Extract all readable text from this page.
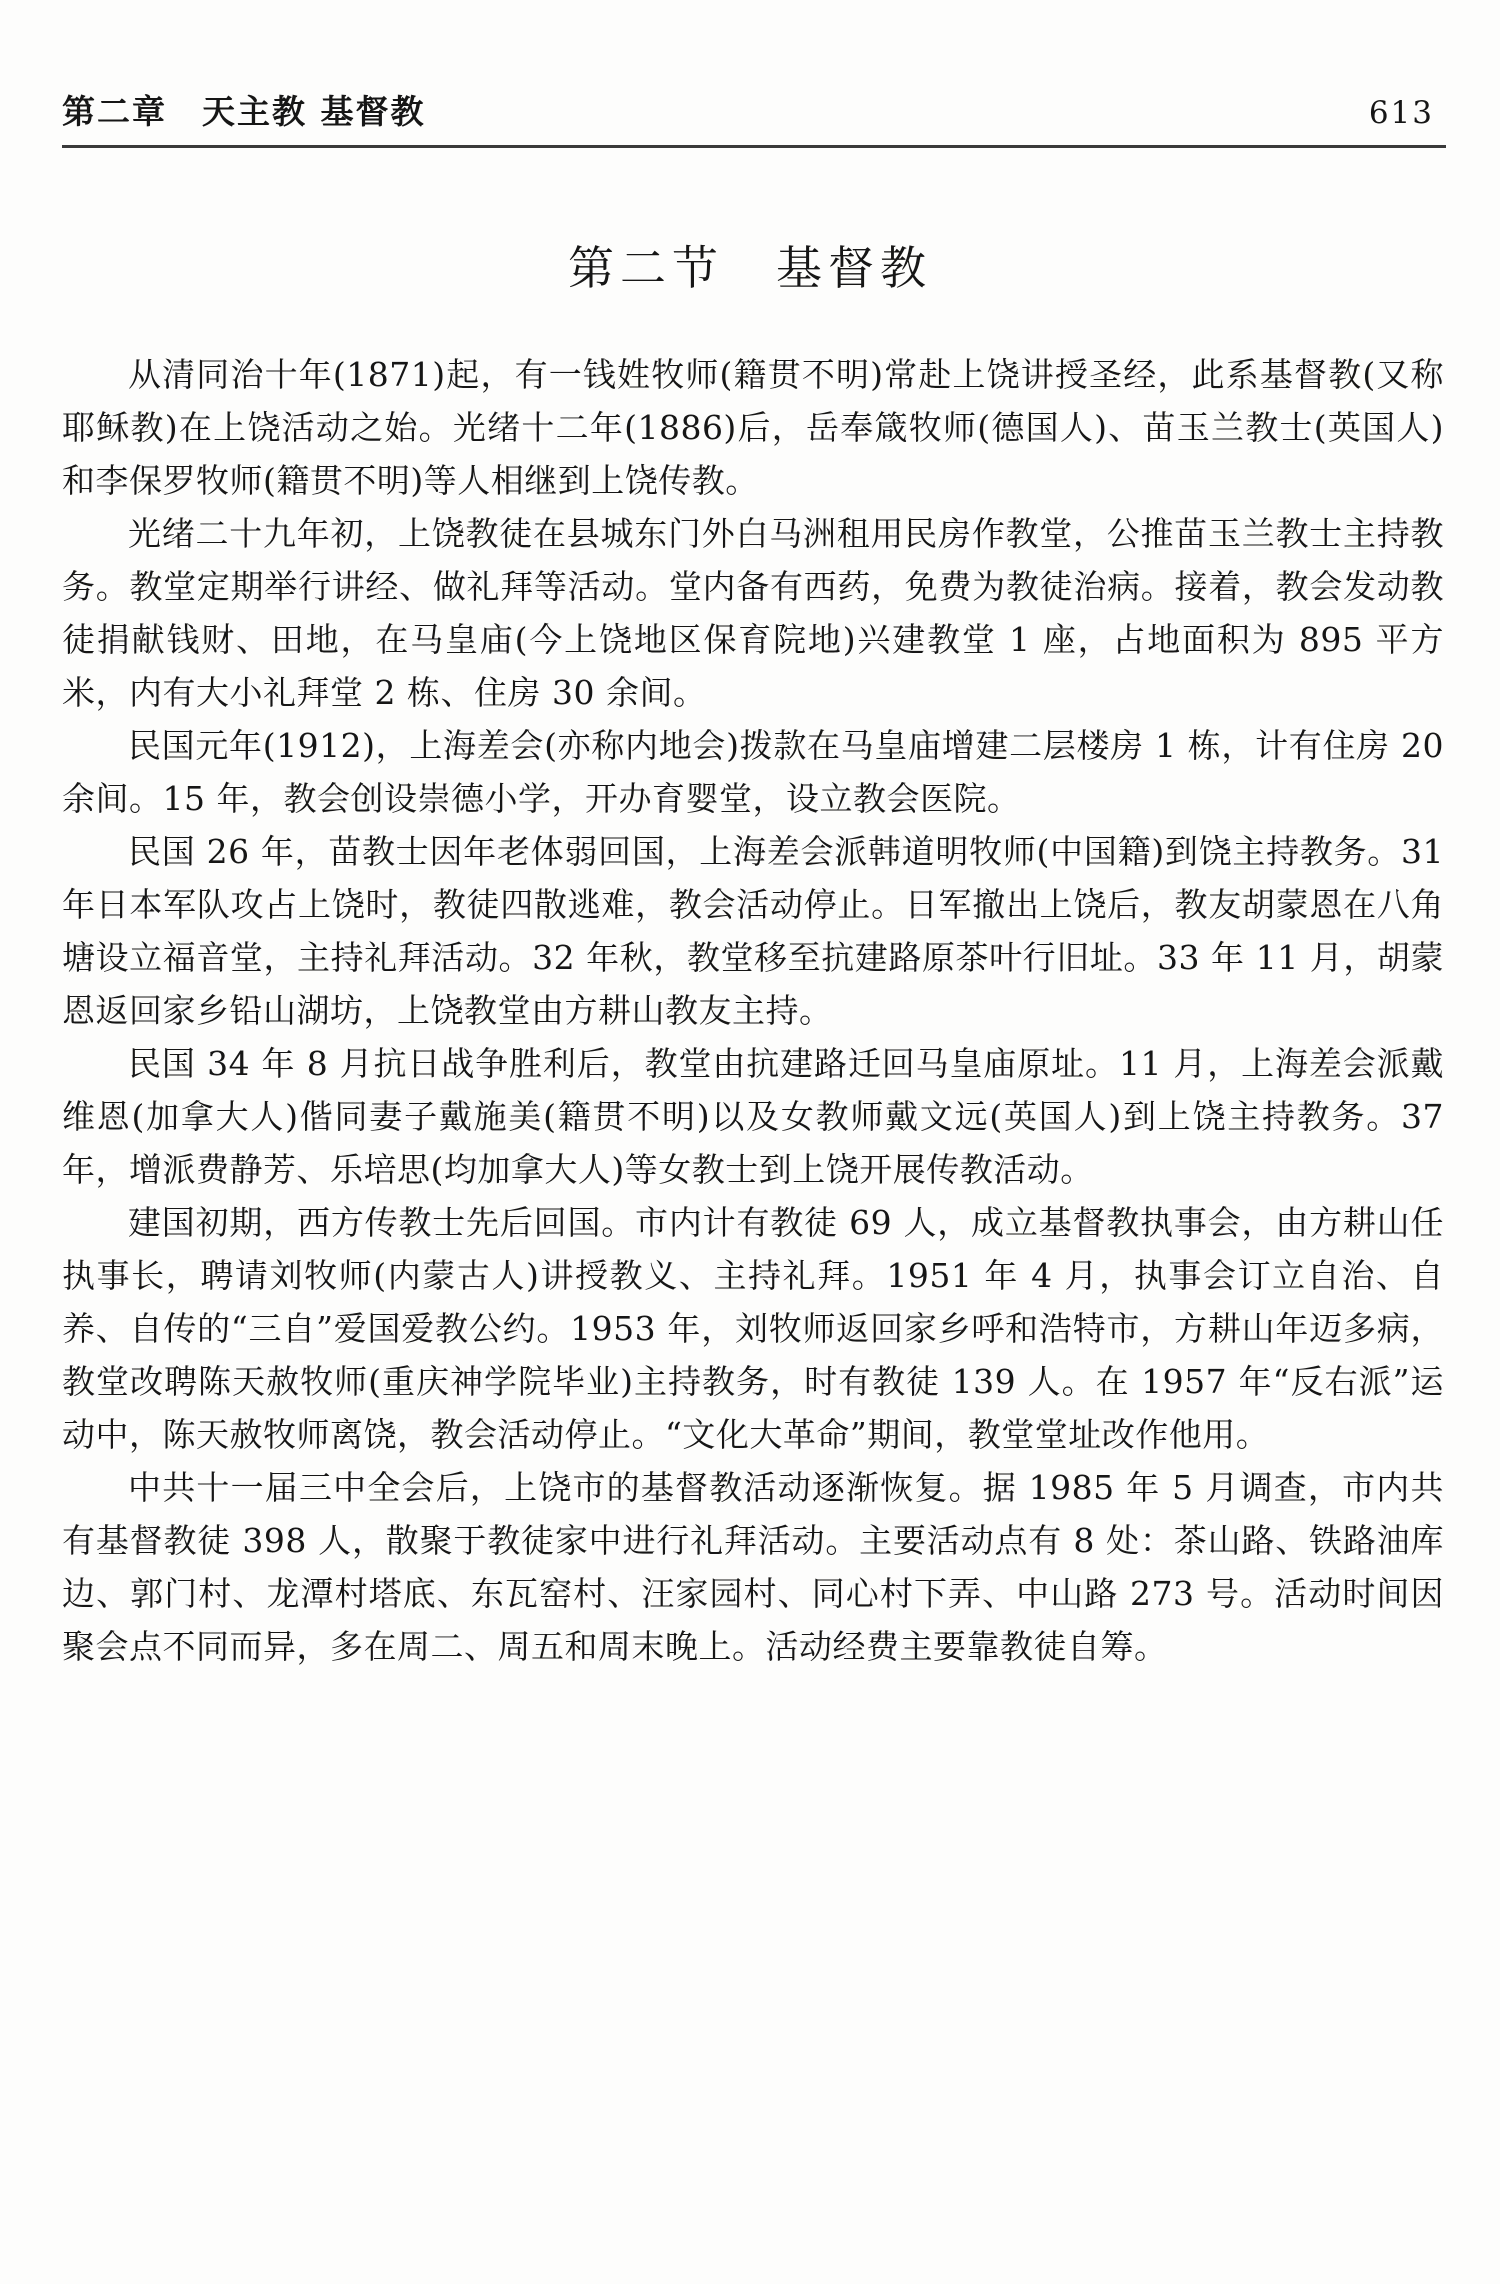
第二章　天主教 基督教	613
第二节　基督教

从清同治十年(1871)起，有一钱姓牧师(籍贯不明)常赴上饶讲授圣经，此系基督教(又称耶稣教)在上饶活动之始。光绪十二年(1886)后，岳奉箴牧师(德国人)、苗玉兰教士(英国人)和李保罗牧师(籍贯不明)等人相继到上饶传教。

光绪二十九年初，上饶教徒在县城东门外白马洲租用民房作教堂，公推苗玉兰教士主持教务。教堂定期举行讲经、做礼拜等活动。堂内备有西药，免费为教徒治病。接着，教会发动教徒捐献钱财、田地，在马皇庙(今上饶地区保育院地)兴建教堂 1 座，占地面积为 895 平方米，内有大小礼拜堂 2 栋、住房 30 余间。

民国元年(1912)，上海差会(亦称内地会)拨款在马皇庙增建二层楼房 1 栋，计有住房 20 余间。15 年，教会创设崇德小学，开办育婴堂，设立教会医院。

民国 26 年，苗教士因年老体弱回国，上海差会派韩道明牧师(中国籍)到饶主持教务。31 年日本军队攻占上饶时，教徒四散逃难，教会活动停止。日军撤出上饶后，教友胡蒙恩在八角塘设立福音堂，主持礼拜活动。32 年秋，教堂移至抗建路原茶叶行旧址。33 年 11 月，胡蒙恩返回家乡铅山湖坊，上饶教堂由方耕山教友主持。

民国 34 年 8 月抗日战争胜利后，教堂由抗建路迁回马皇庙原址。11 月，上海差会派戴维恩(加拿大人)偕同妻子戴施美(籍贯不明)以及女教师戴文远(英国人)到上饶主持教务。37 年，增派费静芳、乐培思(均加拿大人)等女教士到上饶开展传教活动。

建国初期，西方传教士先后回国。市内计有教徒 69 人，成立基督教执事会，由方耕山任执事长，聘请刘牧师(内蒙古人)讲授教义、主持礼拜。1951 年 4 月，执事会订立自治、自养、自传的“三自”爱国爱教公约。1953 年，刘牧师返回家乡呼和浩特市，方耕山年迈多病，教堂改聘陈天赦牧师(重庆神学院毕业)主持教务，时有教徒 139 人。在 1957 年“反右派”运动中，陈天赦牧师离饶，教会活动停止。“文化大革命”期间，教堂堂址改作他用。

中共十一届三中全会后，上饶市的基督教活动逐渐恢复。据 1985 年 5 月调查，市内共有基督教徒 398 人，散聚于教徒家中进行礼拜活动。主要活动点有 8 处：茶山路、铁路油库边、郭门村、龙潭村塔底、东瓦窑村、汪家园村、同心村下弄、中山路 273 号。活动时间因聚会点不同而异，多在周二、周五和周末晚上。活动经费主要靠教徒自筹。
